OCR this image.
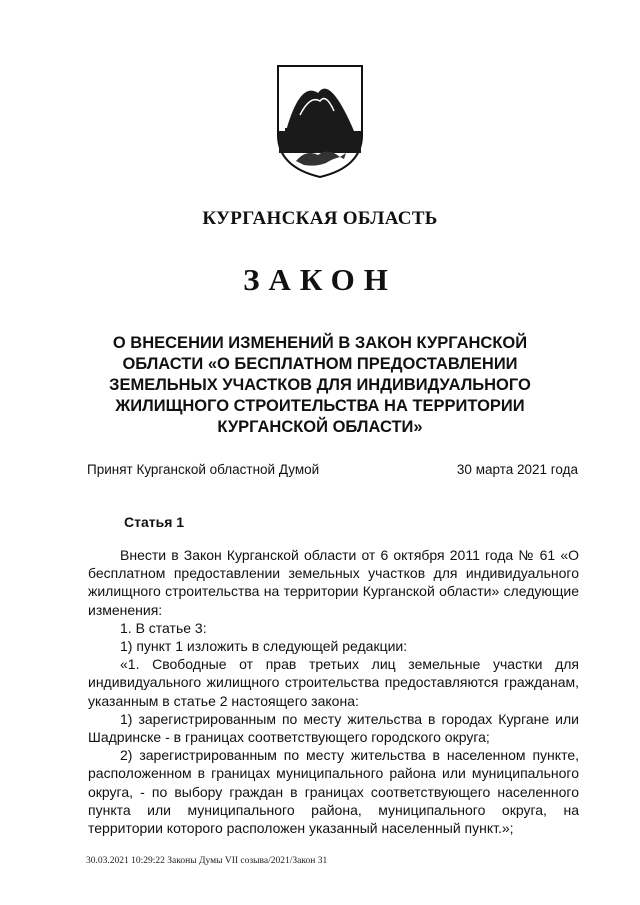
КУРГАНСКАЯ ОБЛАСТЬ
ЗАКОН
О ВНЕСЕНИИ ИЗМЕНЕНИЙ В ЗАКОН КУРГАНСКОЙ
ОБЛАСТИ «О БЕСПЛАТНОМ ПРЕДОСТАВЛЕНИИ
ЗЕМЕЛЬНЫХ УЧАСТКОВ ДЛЯ ИНДИВИДУАЛЬНОГО
ЖИЛИЩНОГО СТРОИТЕЛЬСТВА НА ТЕРРИТОРИИ
КУРГАНСКОЙ ОБЛАСТИ»
Принят Курганской областной Думой	30 марта 2021 года
Статья 1

Внести в Закон Курганской области от 6 октября 2011 года № 61 «О бесплатном предоставлении земельных участков для индивидуального жилищного строительства на территории Курганской области» следующие изменения:

1. В статье 3:

1) пункт 1 изложить в следующей редакции:

«1. Свободные от прав третьих лиц земельные участки для индивидуального жилищного строительства предоставляются гражданам, указанным в статье 2 настоящего закона:

1) зарегистрированным по месту жительства в городах Кургане или Шадринске - в границах соответствующего городского округа;

2) зарегистрированным по месту жительства в населенном пункте, расположенном в границах муниципального района или муниципального округа, - по выбору граждан в границах соответствующего населенного пункта или муниципального района, муниципального округа, на территории которого расположен указанный населенный пункт.»;

30.03.2021 10:29:22 Законы Думы VII созыва/2021/Закон 31
